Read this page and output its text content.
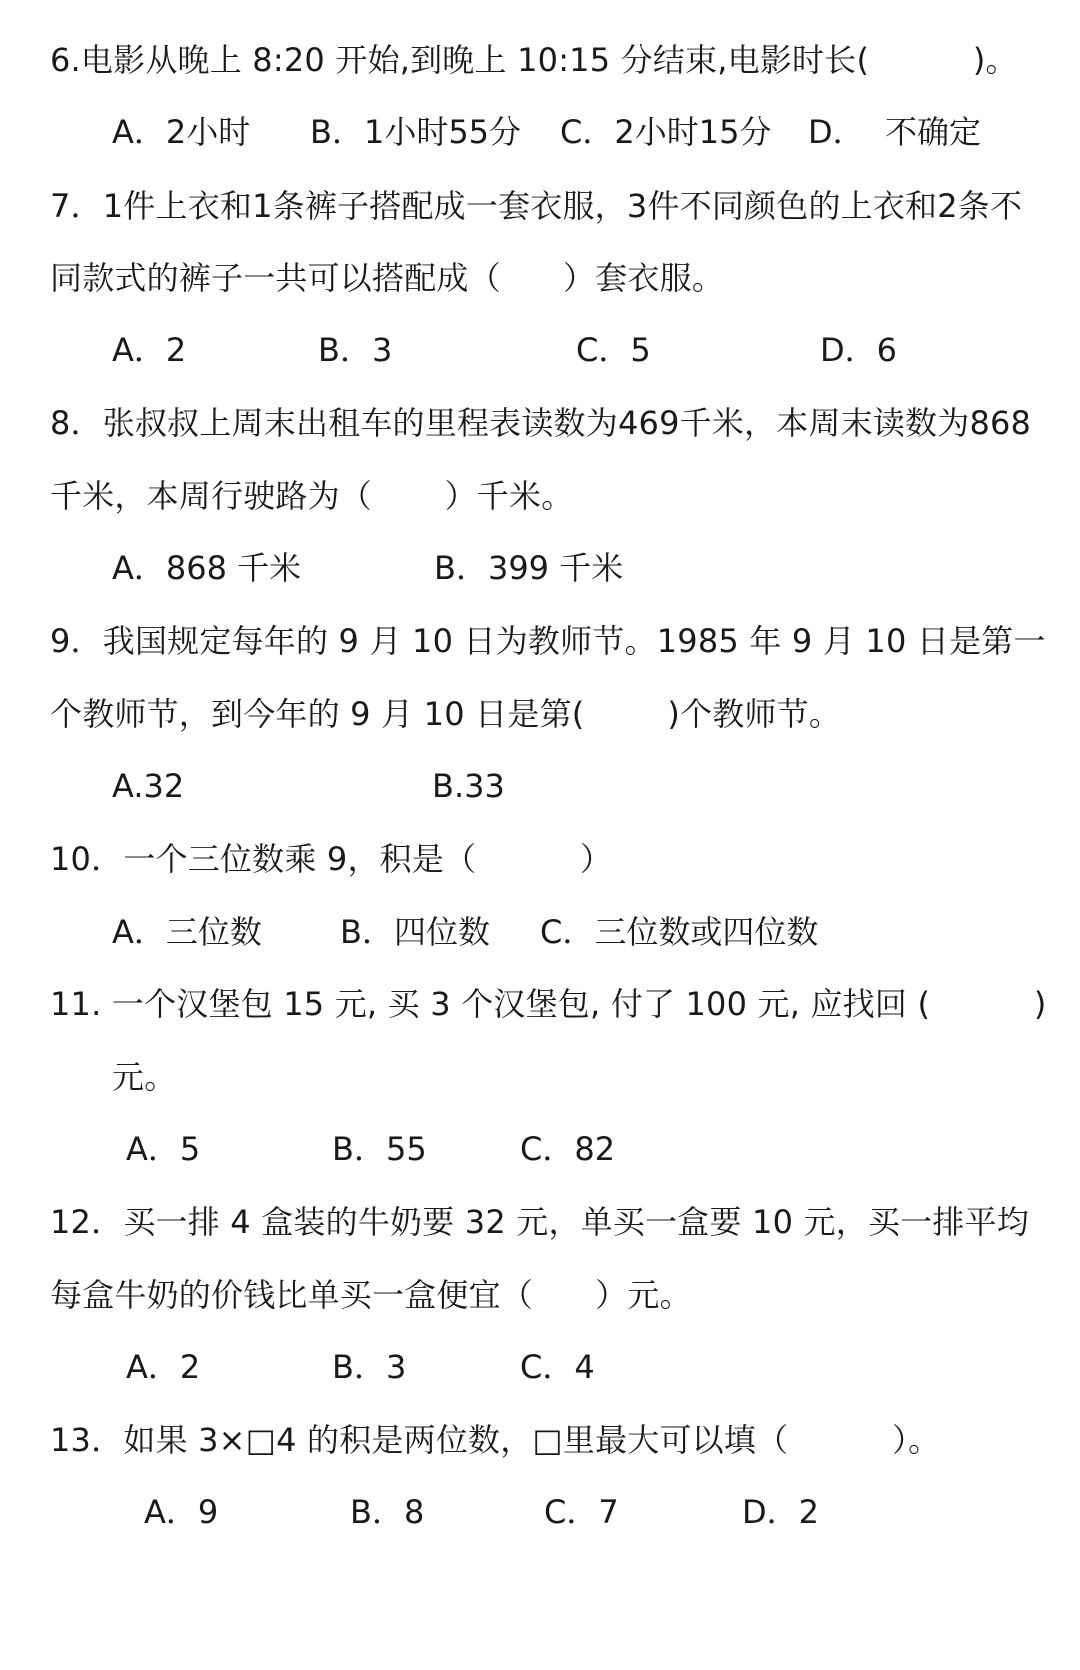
6.电影从晚上 8:20 开始,到晚上 10:15 分结束,电影时长(          )。
A．2小时 B．1小时55分 C．2小时15分 D．  不确定
7．1件上衣和1条裤子搭配成一套衣服，3件不同颜色的上衣和2条不
同款式的裤子一共可以搭配成（      ）套衣服。
A．2	B．3	C．5	D．6
8．张叔叔上周末出租车的里程表读数为469千米，本周末读数为868
千米，本周行驶路为（       ）千米。
A．868 千米	B．399 千米
9．我国规定每年的 9 月 10 日为教师节。1985 年 9 月 10 日是第一
个教师节，到今年的 9 月 10 日是第(        )个教师节。
A.32	B.33
10．一个三位数乘 9，积是（          ）
A．三位数 B．四位数 C．三位数或四位数
11. 一个汉堡包 15 元, 买 3 个汉堡包, 付了 100 元, 应找回 (          )
元。
A．5	B．55	C．82
12．买一排 4 盒装的牛奶要 32 元，单买一盒要 10 元，买一排平均
每盒牛奶的价钱比单买一盒便宜（      ）元。
A．2	B．3	C．4
13．如果 3×□4 的积是两位数，□里最大可以填（          ）。
A．9	B．8	C．7	D．2
